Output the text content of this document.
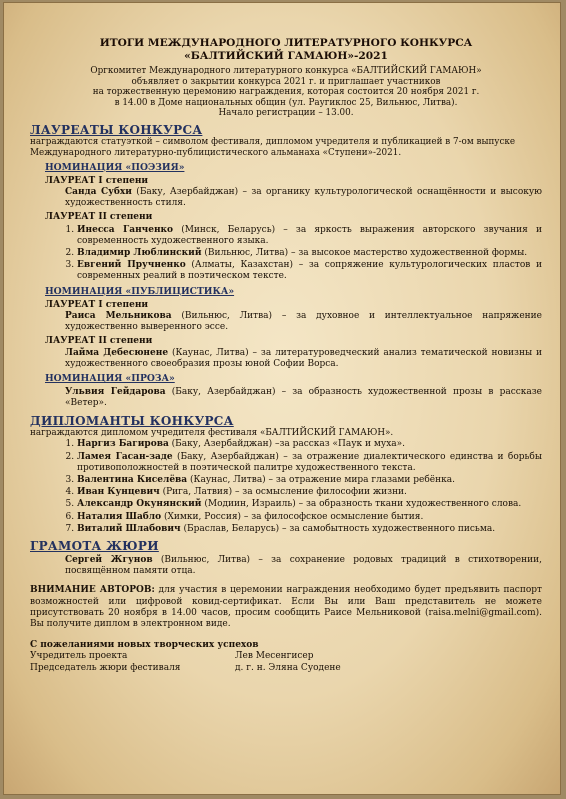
ИТОГИ МЕЖДУНАРОДНОГО ЛИТЕРАТУРНОГО КОНКУРСА
«БАЛТИЙСКИЙ ГАМАЮН»-2021
Оргкомитет Международного литературного конкурса «БАЛТИЙСКИЙ ГАМАЮН»
объявляет о закрытии конкурса 2021 г. и приглашает участников
на торжественную церемонию награждения, которая состоится 20 ноября 2021 г.
в 14.00 в Доме национальных общин (ул. Раугиклос 25, Вильнюс, Литва).
Начало регистрации – 13.00.
ЛАУРЕАТЫ КОНКУРСА
награждаются статуэткой – символом фестиваля, дипломом учредителя и публикацией в 7-ом выпуске Международного литературно-публицистического альманаха «Ступени»-2021.
НОМИНАЦИЯ «ПОЭЗИЯ»
ЛАУРЕАТ I степени
Санда Субхи (Баку, Азербайджан) – за органику культурологической оснащённости и высокую художественность стиля.
ЛАУРЕАТ II степени
1. Инесса Ганченко (Минск, Беларусь) – за яркость выражения авторского звучания и современность художественного языка.
2. Владимир Люблинский (Вильнюс, Литва) – за высокое мастерство художественной формы.
3. Евгений Пручненко (Алматы, Казахстан) – за сопряжение культурологических пластов и современных реалий в поэтическом тексте.
НОМИНАЦИЯ «ПУБЛИЦИСТИКА»
ЛАУРЕАТ I степени
Раиса Мельникова (Вильнюс, Литва) – за духовное и интеллектуальное напряжение художественно выверенного эссе.
ЛАУРЕАТ II степени
Лайма Дебесюнене (Каунас, Литва) – за литературоведческий анализ тематической новизны и художественного своеобразия прозы юной Софии Ворса.
НОМИНАЦИЯ «ПРОЗА»
Ульвия Гейдарова (Баку, Азербайджан) – за образность художественной прозы в рассказе «Ветер».
ДИПЛОМАНТЫ КОНКУРСА
награждаются дипломом учредителя фестиваля «БАЛТИЙСКИЙ ГАМАЮН».
1. Наргиз Багирова (Баку, Азербайджан) –за рассказ «Паук и муха».
2. Ламея Гасан-заде (Баку, Азербайджан) – за отражение диалектического единства и борьбы противоположностей в поэтической палитре художественного текста.
3. Валентина Киселёва (Каунас, Литва) – за отражение мира глазами ребёнка.
4. Иван Кунцевич (Рига, Латвия) – за осмысление философии жизни.
5. Александр Окунянский (Модиин, Израиль) – за образность ткани художественного слова.
6. Наталия Шабло (Химки, Россия) – за философское осмысление бытия.
7. Виталий Шлабович (Браслав, Беларусь) – за самобытность художественного письма.
ГРАМОТА ЖЮРИ
Сергей Жгунов (Вильнюс, Литва) – за сохранение родовых традиций в стихотворении, посвящённом памяти отца.
ВНИМАНИЕ АВТОРОВ: для участия в церемонии награждения необходимо будет предъявить паспорт возможностей или цифровой ковид-сертификат. Если Вы или Ваш представитель не можете присутствовать 20 ноября в 14.00 часов, просим сообщить Раисе Мельниковой (raisa.melni@gmail.com). Вы получите диплом в электронном виде.
С пожеланиями новых творческих успехов
Учредитель проекта	Лев Месенгисер
Председатель жюри фестиваля	д. г. н. Эляна Суодене
